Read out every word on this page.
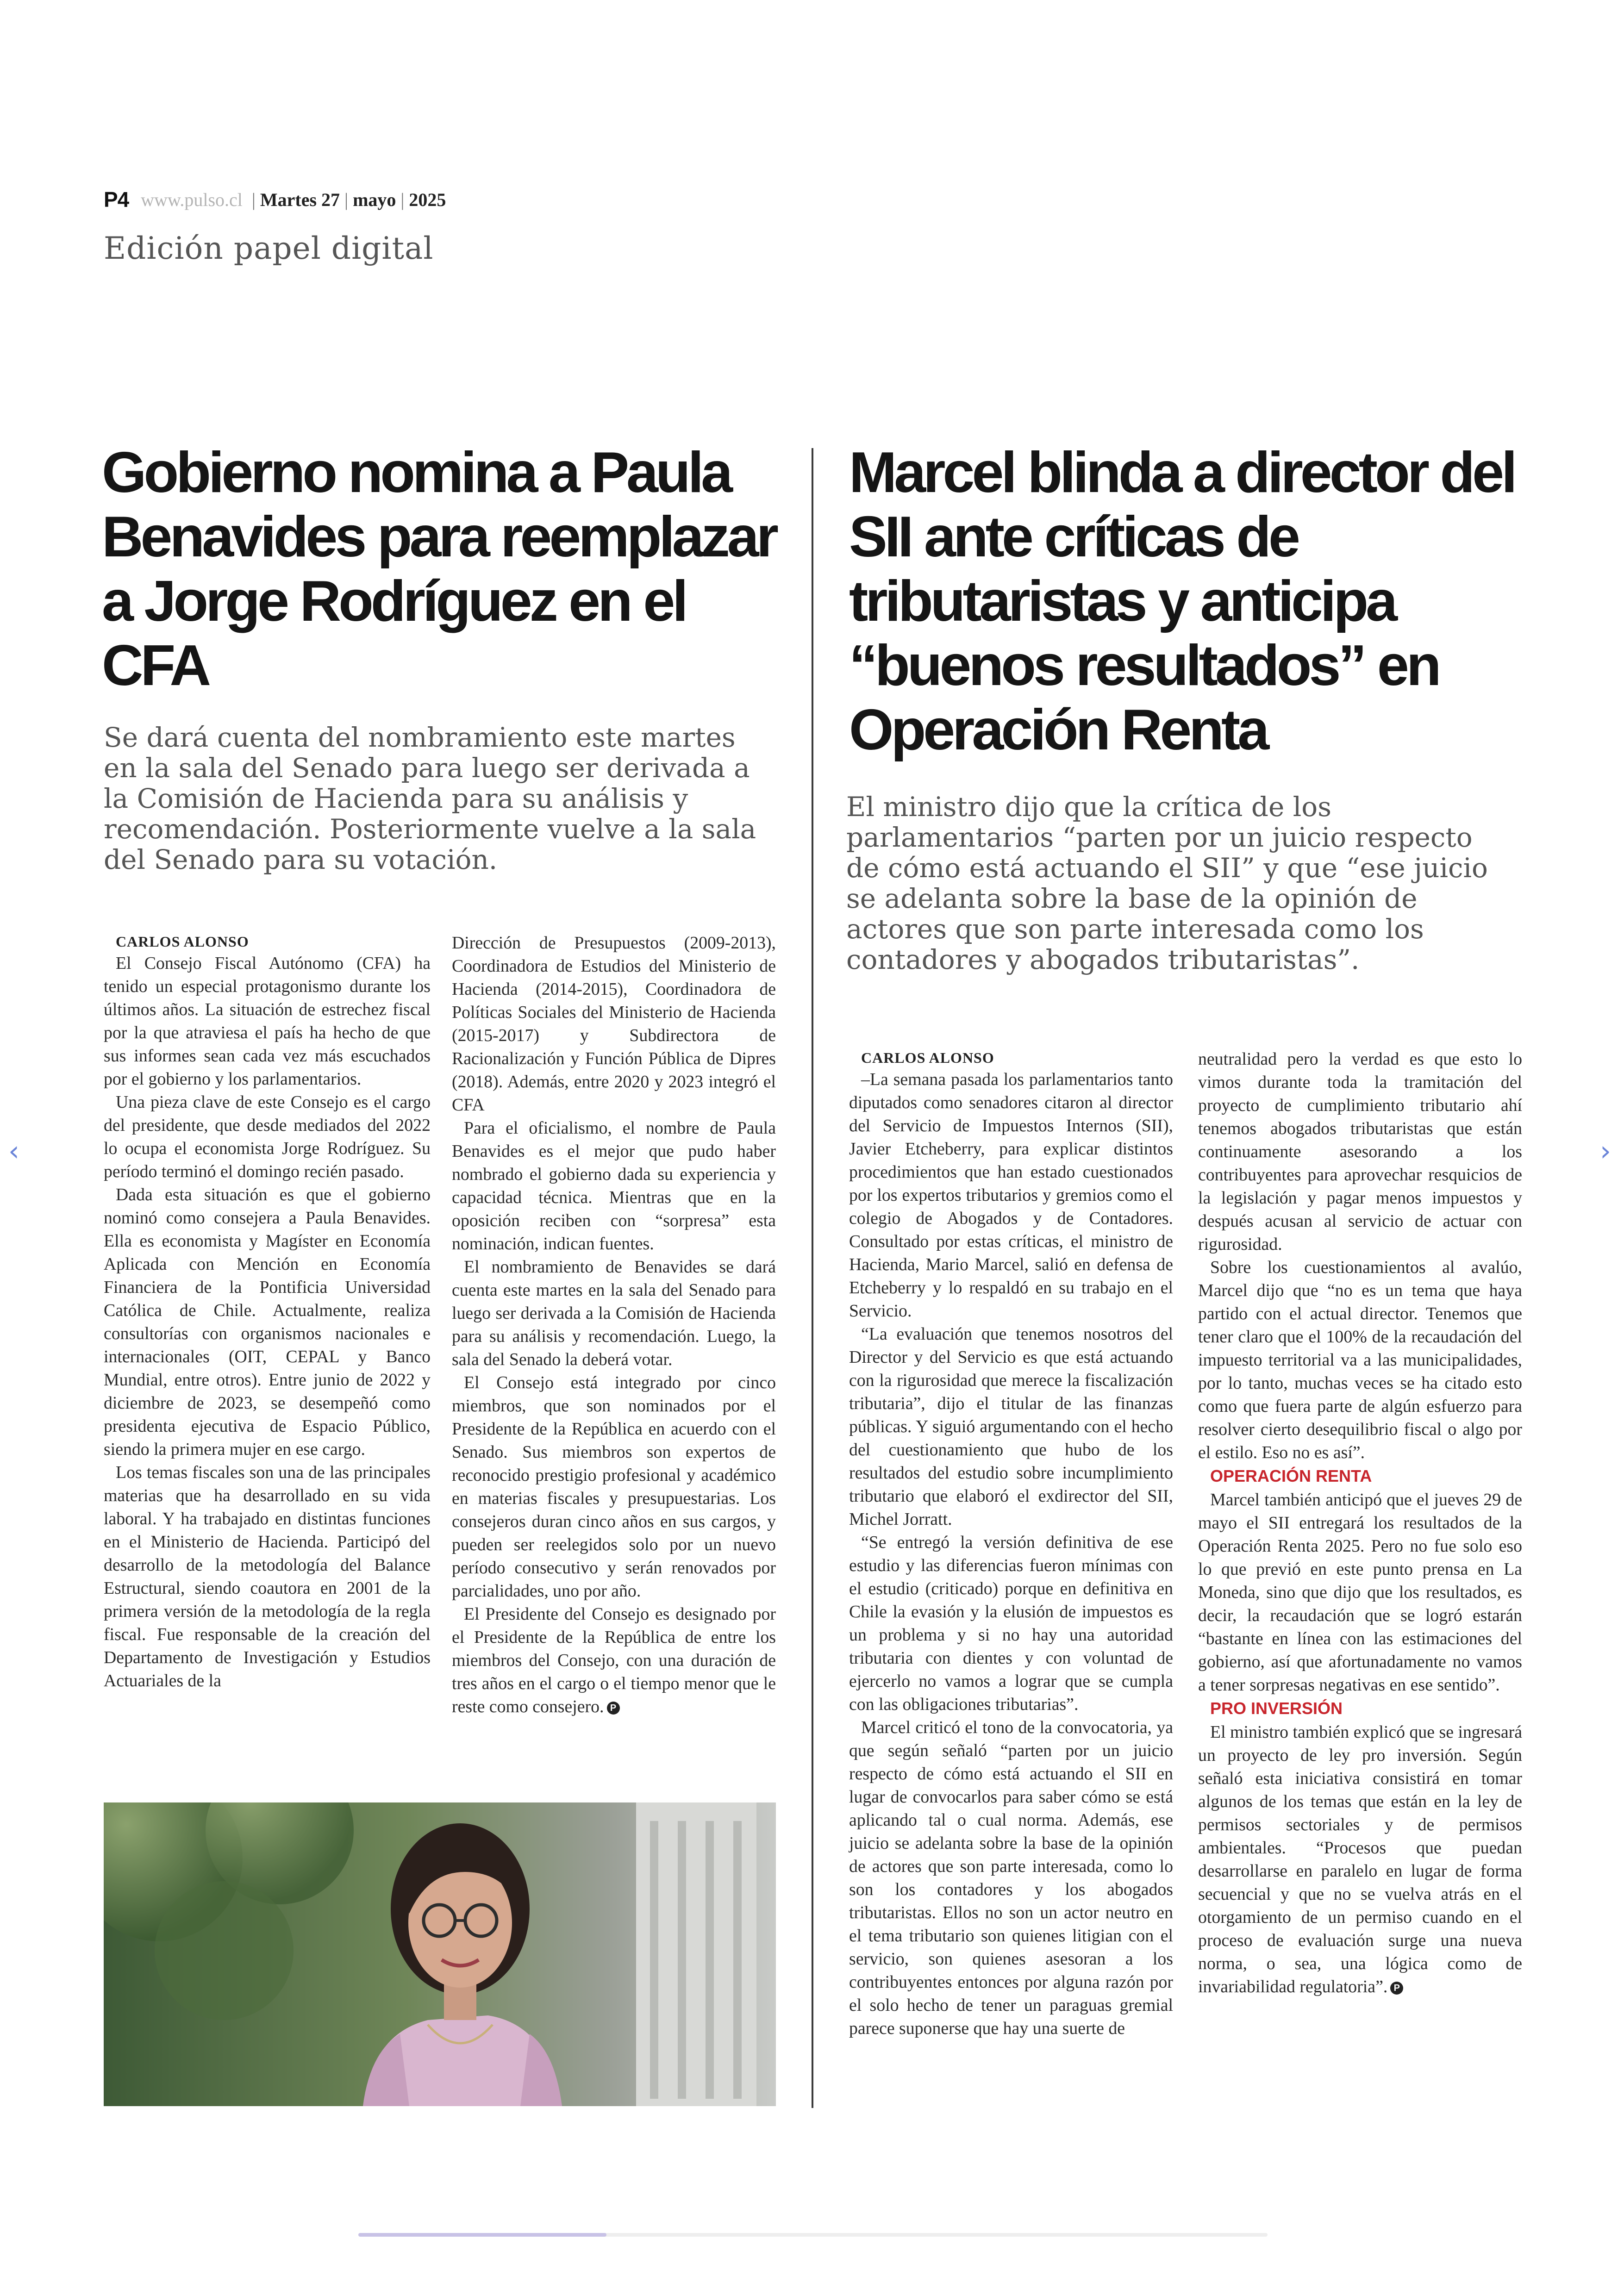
P4 www.pulso.cl | Martes 27 | mayo | 2025
Edición papel digital
Gobierno nomina a Paula Benavides para reemplazar a Jorge Rodríguez en el CFA

Se dará cuenta del nombramiento este martes en la sala del Senado para luego ser derivada a la Comisión de Hacienda para su análisis y recomendación. Posteriormente vuelve a la sala del Senado para su votación.

CARLOS ALONSO

El Consejo Fiscal Autónomo (CFA) ha tenido un especial protagonismo durante los últimos años. La situación de estrechez fiscal por la que atraviesa el país ha hecho de que sus informes sean cada vez más escuchados por el gobierno y los parlamentarios.

Una pieza clave de este Consejo es el cargo del presidente, que desde mediados del 2022 lo ocupa el economista Jorge Rodríguez. Su período terminó el domingo recién pasado.

Dada esta situación es que el gobierno nominó como consejera a Paula Benavides. Ella es economista y Magíster en Economía Aplicada con Mención en Economía Financiera de la Pontificia Universidad Católica de Chile. Actualmente, realiza consultorías con organismos nacionales e internacionales (OIT, CEPAL y Banco Mundial, entre otros). Entre junio de 2022 y diciembre de 2023, se desempeñó como presidenta ejecutiva de Espacio Público, siendo la primera mujer en ese cargo.

Los temas fiscales son una de las principales materias que ha desarrollado en su vida laboral. Y ha trabajado en distintas funciones en el Ministerio de Hacienda. Participó del desarrollo de la metodología del Balance Estructural, siendo coautora en 2001 de la primera versión de la metodología de la regla fiscal. Fue responsable de la creación del Departamento de Investigación y Estudios Actuariales de la

Dirección de Presupuestos (2009-2013), Coordinadora de Estudios del Ministerio de Hacienda (2014-2015), Coordinadora de Políticas Sociales del Ministerio de Hacienda (2015-2017) y Subdirectora de Racionalización y Función Pública de Dipres (2018). Además, entre 2020 y 2023 integró el CFA

Para el oficialismo, el nombre de Paula Benavides es el mejor que pudo haber nombrado el gobierno dada su experiencia y capacidad técnica. Mientras que en la oposición reciben con “sorpresa” esta nominación, indican fuentes.

El nombramiento de Benavides se dará cuenta este martes en la sala del Senado para luego ser derivada a la Comisión de Hacienda para su análisis y recomendación. Luego, la sala del Senado la deberá votar.

El Consejo está integrado por cinco miembros, que son nominados por el Presidente de la República en acuerdo con el Senado. Sus miembros son expertos de reconocido prestigio profesional y académico en materias fiscales y presupuestarias. Los consejeros duran cinco años en sus cargos, y pueden ser reelegidos solo por un nuevo período consecutivo y serán renovados por parcialidades, uno por año.

El Presidente del Consejo es designado por el Presidente de la República de entre los miembros del Consejo, con una duración de tres años en el cargo o el tiempo menor que le reste como consejero. P

Marcel blinda a director del SII ante críticas de tributaristas y anticipa “buenos resultados” en Operación Renta

El ministro dijo que la crítica de los parlamentarios “parten por un juicio respecto de cómo está actuando el SII” y que “ese juicio se adelanta sobre la base de la opinión de actores que son parte interesada como los contadores y abogados tributaristas”.

CARLOS ALONSO

–La semana pasada los parlamentarios tanto diputados como senadores citaron al director del Servicio de Impuestos Internos (SII), Javier Etcheberry, para explicar distintos procedimientos que han estado cuestionados por los expertos tributarios y gremios como el colegio de Abogados y de Contadores. Consultado por estas críticas, el ministro de Hacienda, Mario Marcel, salió en defensa de Etcheberry y lo respaldó en su trabajo en el Servicio.

“La evaluación que tenemos nosotros del Director y del Servicio es que está actuando con la rigurosidad que merece la fiscalización tributaria”, dijo el titular de las finanzas públicas. Y siguió argumentando con el hecho del cuestionamiento que hubo de los resultados del estudio sobre incumplimiento tributario que elaboró el exdirector del SII, Michel Jorratt.

“Se entregó la versión definitiva de ese estudio y las diferencias fueron mínimas con el estudio (criticado) porque en definitiva en Chile la evasión y la elusión de impuestos es un problema y si no hay una autoridad tributaria con dientes y con voluntad de ejercerlo no vamos a lograr que se cumpla con las obligaciones tributarias”.

Marcel criticó el tono de la convocatoria, ya que según señaló “parten por un juicio respecto de cómo está actuando el SII en lugar de convocarlos para saber cómo se está aplicando tal o cual norma. Además, ese juicio se adelanta sobre la base de la opinión de actores que son parte interesada, como lo son los contadores y los abogados tributaristas. Ellos no son un actor neutro en el tema tributario son quienes litigian con el servicio, son quienes asesoran a los contribuyentes entonces por alguna razón por el solo hecho de tener un paraguas gremial parece suponerse que hay una suerte de

neutralidad pero la verdad es que esto lo vimos durante toda la tramitación del proyecto de cumplimiento tributario ahí tenemos abogados tributaristas que están continuamente asesorando a los contribuyentes para aprovechar resquicios de la legislación y pagar menos impuestos y después acusan al servicio de actuar con rigurosidad.

Sobre los cuestionamientos al avalúo, Marcel dijo que “no es un tema que haya partido con el actual director. Tenemos que tener claro que el 100% de la recaudación del impuesto territorial va a las municipalidades, por lo tanto, muchas veces se ha citado esto como que fuera parte de algún esfuerzo para resolver cierto desequilibrio fiscal o algo por el estilo. Eso no es así”.

OPERACIÓN RENTA

Marcel también anticipó que el jueves 29 de mayo el SII entregará los resultados de la Operación Renta 2025. Pero no fue solo eso lo que previó en este punto prensa en La Moneda, sino que dijo que los resultados, es decir, la recaudación que se logró estarán “bastante en línea con las estimaciones del gobierno, así que afortunadamente no vamos a tener sorpresas negativas en ese sentido”.

PRO INVERSIÓN

El ministro también explicó que se ingresará un proyecto de ley pro inversión. Según señaló esta iniciativa consistirá en tomar algunos de los temas que están en la ley de permisos sectoriales y de permisos ambientales. “Procesos que puedan desarrollarse en paralelo en lugar de forma secuencial y que no se vuelva atrás en el otorgamiento de un permiso cuando en el proceso de evaluación surge una nueva norma, o sea, una lógica como de invariabilidad regulatoria”. P

‹	›
